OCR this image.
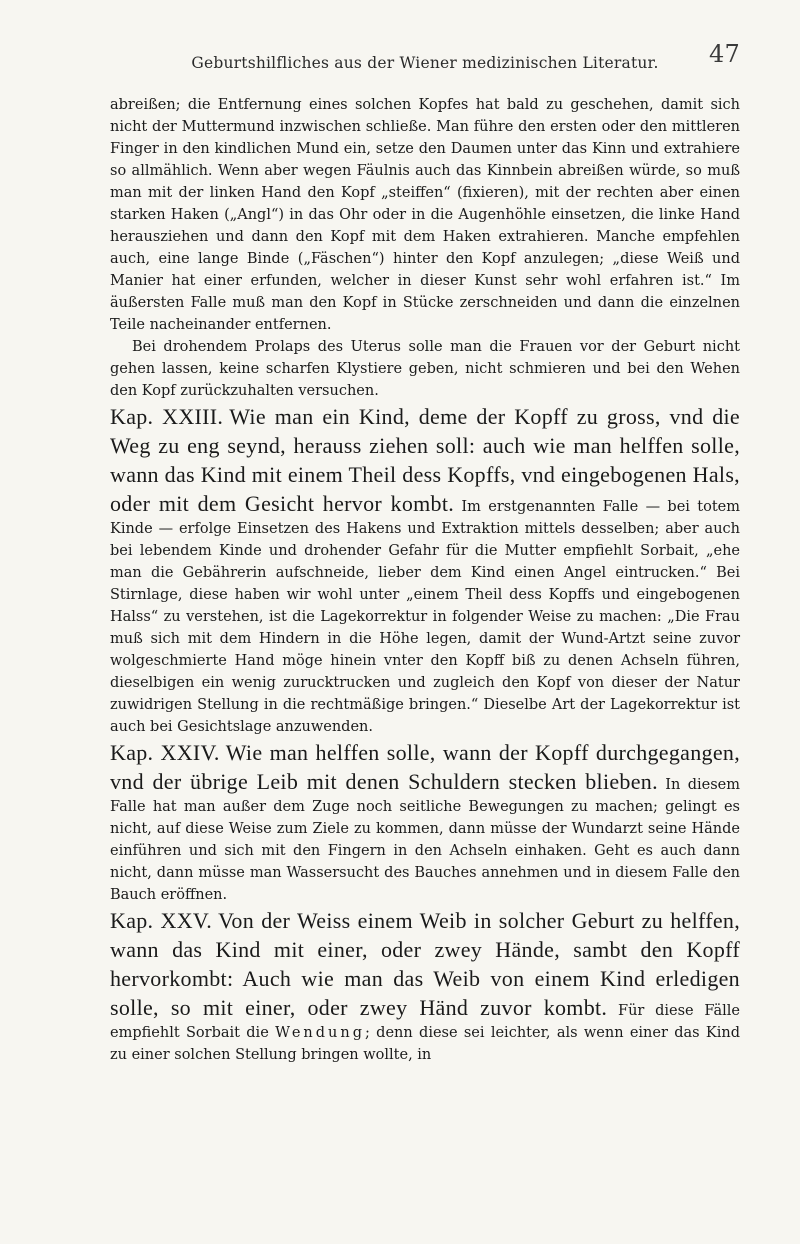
Geburtshilfliches aus der Wiener medizinischen Literatur.	47

abreißen; die Entfernung eines solchen Kopfes hat bald zu geschehen, damit sich nicht der Muttermund inzwischen schließe. Man führe den ersten oder den mittleren Finger in den kindlichen Mund ein, setze den Daumen unter das Kinn und extrahiere so allmählich. Wenn aber wegen Fäulnis auch das Kinnbein abreißen würde, so muß man mit der linken Hand den Kopf „steiffen“ (fixieren), mit der rechten aber einen starken Haken („Angl“) in das Ohr oder in die Augenhöhle einsetzen, die linke Hand herausziehen und dann den Kopf mit dem Haken extrahieren. Manche empfehlen auch, eine lange Binde („Fäschen“) hinter den Kopf anzulegen; „diese Weiß und Manier hat einer erfunden, welcher in dieser Kunst sehr wohl erfahren ist.“ Im äußersten Falle muß man den Kopf in Stücke zerschneiden und dann die einzelnen Teile nacheinander entfernen.

Bei drohendem Prolaps des Uterus solle man die Frauen vor der Geburt nicht gehen lassen, keine scharfen Klystiere geben, nicht schmieren und bei den Wehen den Kopf zurückzuhalten versuchen.

Kap. XXIII. Wie man ein Kind, deme der Kopff zu gross, vnd die Weg zu eng seynd, herauss ziehen soll: auch wie man helffen solle, wann das Kind mit einem Theil dess Kopffs, vnd eingebogenen Hals, oder mit dem Gesicht hervor kombt. Im erstgenannten Falle — bei totem Kinde — erfolge Einsetzen des Hakens und Extraktion mittels desselben; aber auch bei lebendem Kinde und drohender Gefahr für die Mutter empfiehlt Sorbait, „ehe man die Gebährerin aufschneide, lieber dem Kind einen Angel eintrucken.“ Bei Stirnlage, diese haben wir wohl unter „einem Theil dess Kopffs und eingebogenen Halss“ zu verstehen, ist die Lagekorrektur in folgender Weise zu machen: „Die Frau muß sich mit dem Hindern in die Höhe legen, damit der Wund-Artzt seine zuvor wolgeschmierte Hand möge hinein vnter den Kopff biß zu denen Achseln führen, dieselbigen ein wenig zurucktrucken und zugleich den Kopf von dieser der Natur zuwidrigen Stellung in die rechtmäßige bringen.“ Dieselbe Art der Lagekorrektur ist auch bei Gesichtslage anzuwenden.

Kap. XXIV. Wie man helffen solle, wann der Kopff durchgegangen, vnd der übrige Leib mit denen Schuldern stecken blieben. In diesem Falle hat man außer dem Zuge noch seitliche Bewegungen zu machen; gelingt es nicht, auf diese Weise zum Ziele zu kommen, dann müsse der Wundarzt seine Hände einführen und sich mit den Fingern in den Achseln einhaken. Geht es auch dann nicht, dann müsse man Wassersucht des Bauches annehmen und in diesem Falle den Bauch eröffnen.

Kap. XXV. Von der Weiss einem Weib in solcher Geburt zu helffen, wann das Kind mit einer, oder zwey Hände, sambt den Kopff hervorkombt: Auch wie man das Weib von einem Kind erledigen solle, so mit einer, oder zwey Händ zuvor kombt. Für diese Fälle empfiehlt Sorbait die Wendung; denn diese sei leichter, als wenn einer das Kind zu einer solchen Stellung bringen wollte, in
